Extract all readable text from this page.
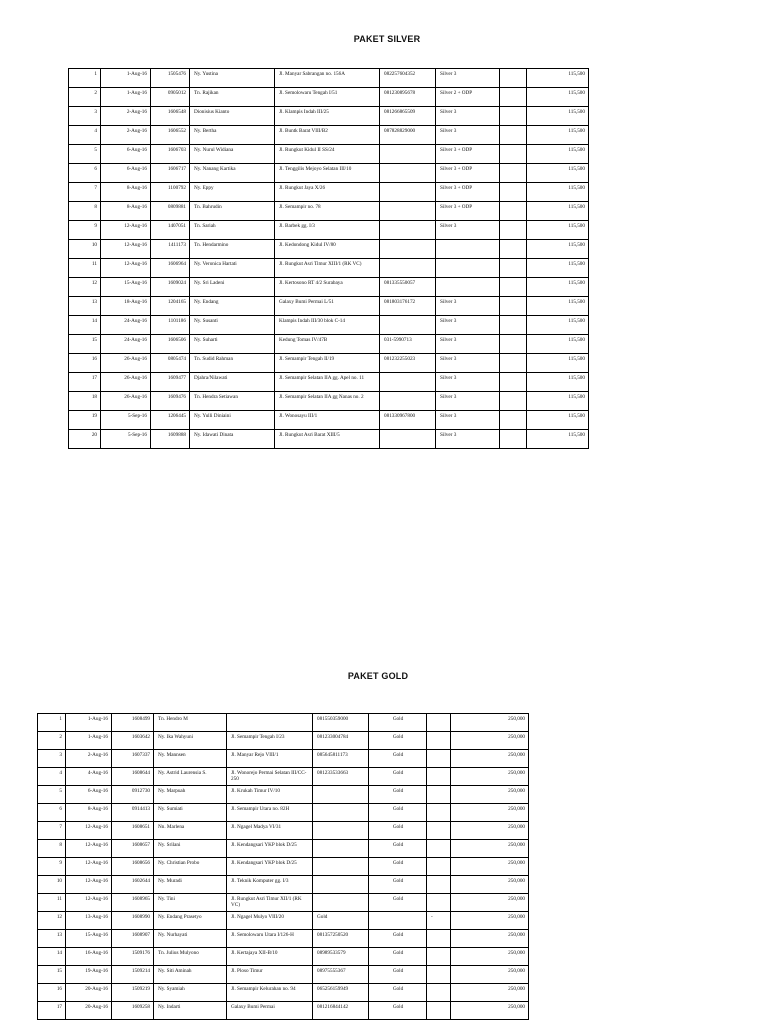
PAKET SILVER
1	1-Aug-16	1505476	Ny. Yustina	Jl. Manyar Sabrangan no. 156A	082257604352	Silver 3		115,500
2	1-Aug-16	0905012	Tn. Rajikan	Jl. Semolowaru Tengah I/51	081230895678	Silver 2 + ODP		115,500
3	2-Aug-16	1606548	Dionisius Kianto	Jl. Klampis Indah III/25	081266865509	Silver 3		115,500
4	2-Aug-16	1606552	Ny. Bertha	Jl. Buntk Barat VIII/B2	087828829000	Silver 3		115,500
5	6-Aug-16	1606703	Ny. Nurul Widiana	Jl. Rungkut Kidul II SS/24		Silver 3 + ODP		115,500
6	6-Aug-16	1606717	Ny. Nanang Kartika	Jl. Tenggilis Mejoyo Selatan III/10		Silver 3 + ODP		115,500
7	8-Aug-16	1100792	Ny. Eppy	Jl. Rungkut Jaya X/26		Silver 3 + ODP		115,500
8	8-Aug-16	0809881	Tn. Bahrudin	Jl. Semampir no. 78		Silver 3 + ODP		115,500
9	12-Aug-16	1407051	Tn. Sariah	Jl. Barbek gg. I/3		Silver 3		115,500
10	12-Aug-16	1411173	Tn. Hendarmino	Jl. Kedondong Kidul IV/80				115,500
11	12-Aug-16	1606964	Ny. Veronica Hartati	Jl. Rungkut Asri Timur XIII/1 (RK VC)				115,500
12	15-Aug-16	1609024	Ny. Sri Ladeni	Jl. Kertosono RT 4/2 Surabaya	081335550057			115,500
13	18-Aug-16	1204165	Ny. Endang	Galaxy Bumi Permai L/51	081803176172	Silver 3		115,500
14	24-Aug-16	1101186	Ny. Susanti	Klampis Indah III/30 blok C-14		Silver 3		115,500
15	24-Aug-16	1606506	Ny. Suharti	Kedung Tomas IV/47B	031-5990713	Silver 3		115,500
16	26-Aug-16	0805474	Tn. Sudid Rahman	Jl. Semampir Tengah II/19	081232255023	Silver 3		115,500
17	26-Aug-16	1609477	Djahra/Nilawati	Jl. Semampir Selatan IIA gg. Apel no. 11		Silver 3		115,500
18	26-Aug-16	1609476	Tn. Hendra Setiawan	Jl. Semampir Selatan IIA gg Nanas no. 2		Silver 3		115,500
19	5-Sep-16	1206445	Ny. Yulli Diniaini	Jl. Wonosayu III/1	081330967800	Silver 3		115,500
20	5-Sep-16	1609888	Ny. Idawati Dinata	Jl. Rungkut Asri Barat XIII/5		Silver 3		115,500
PAKET GOLD
1	1-Aug-16	1608499	Tn. Hendro M		081550359000	Gold		250,000
2	1-Aug-16	1603642	Ny. Ika Wahyuni	Jl. Semampir Tengah I/23	081233004784	Gold		250,000
3	2-Aug-16	1607337	Ny. Mannsen	Jl. Manyar Rejo VIII/1	085645811173	Gold		250,000
4	4-Aug-16	1608644	Ny. Astrid Laurensia S.	Jl. Wonorejo Permai Selatan III/CC-250	081233533663	Gold		250,000
5	6-Aug-16	0912730	Ny. Marpuah	Jl. Krukah Timur IV/10		Gold		250,000
6	8-Aug-16	0914413	Ny. Sumiati	Jl. Semampir Utara no. 82H		Gold		250,000
7	12-Aug-16	1608651	Nn. Marlena	Jl. Ngagel Madya VI/31		Gold		250,000
8	12-Aug-16	1608657	Ny. Srilani	Jl. Kendangsari YKP blok D/25		Gold		250,000
9	12-Aug-16	1608656	Ny. Christian Probo	Jl. Kendangsari YKP blok D/25		Gold		250,000
10	12-Aug-16	1602644	Ny. Muradi	Jl. Teknik Komputer gg. I/3		Gold		250,000
11	12-Aug-16	1608965	Ny. Tini	Jl. Rungkut Asri Timur XII/1 (RK VC)		Gold		250,000
12	13-Aug-16	1608990	Ny. Endang Prasetyo	Jl. Ngagel Mulyo VIII/20	Gold		-	250,000
13	15-Aug-16	1608907	Ny. Nurhayati	Jl. Semolowaru Utara I/126-H	081357250520	Gold		250,000
14	16-Aug-16	1509176	Tn. Julius Mulyono	Jl. Kertajaya XII-B/10	08989533579	Gold		250,000
15	19-Aug-16	1509214	Ny. Siti Aminah	Jl. Ploso Timur	08975555367	Gold		250,000
16	20-Aug-16	1509219	Ny. Syamiah	Jl. Semampir Kelurahan no. 94	065256159949	Gold		250,000
17	20-Aug-16	1609258	Ny. Indarti	Galaxy Bumi Permai	081216844142	Gold		250,000
